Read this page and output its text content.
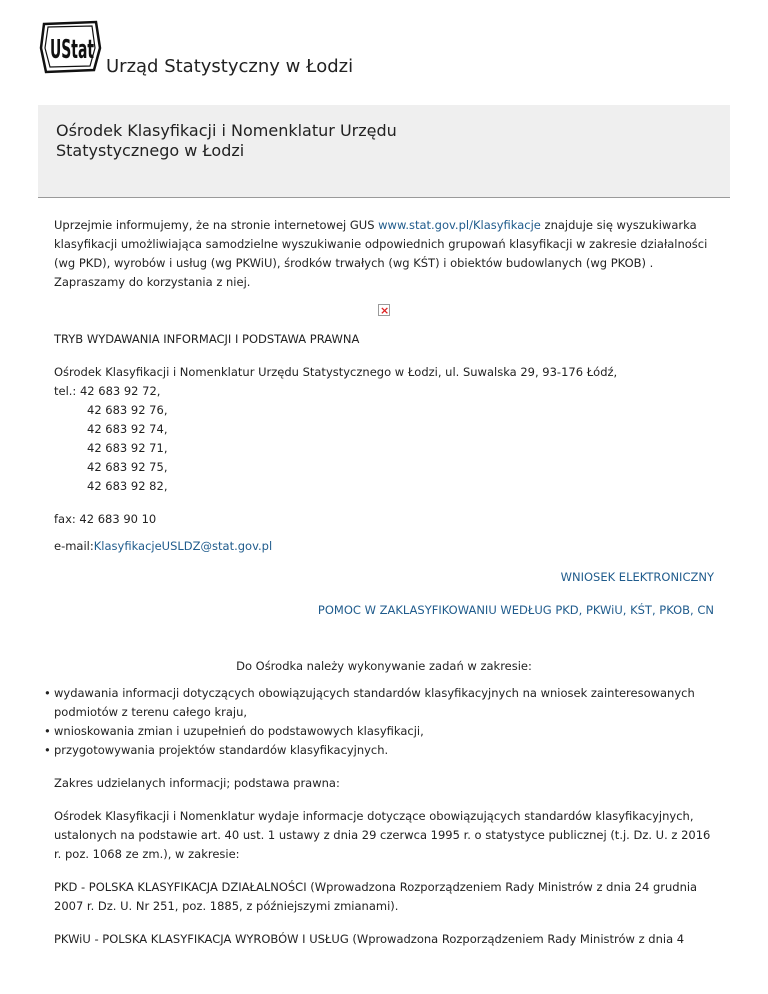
UStat
Urząd Statystyczny w Łodzi
Ośrodek Klasyfikacji i Nomenklatur Urzędu Statystycznego w Łodzi

Uprzejmie informujemy, że na stronie internetowej GUS www.stat.gov.pl/Klasyfikacje znajduje się wyszukiwarka klasyfikacji umożliwiająca samodzielne wyszukiwanie odpowiednich grupowań klasyfikacji w zakresie działalności (wg PKD), wyrobów i usług (wg PKWiU), środków trwałych (wg KŚT) i obiektów budowlanych (wg PKOB) . Zapraszamy do korzystania z niej.

×

TRYB WYDAWANIA INFORMACJI I PODSTAWA PRAWNA

Ośrodek Klasyfikacji i Nomenklatur Urzędu Statystycznego w Łodzi, ul. Suwalska 29, 93-176 Łódź,

tel.: 42 683 92 72,
42 683 92 76,
42 683 92 74,
42 683 92 71,
42 683 92 75,
42 683 92 82,

fax: 42 683 90 10

e-mail:KlasyfikacjeUSLDZ@stat.gov.pl

WNIOSEK ELEKTRONICZNY

POMOC W ZAKLASYFIKOWANIU WEDŁUG PKD, PKWiU, KŚT, PKOB, CN

Do Ośrodka należy wykonywanie zadań w zakresie:

• wydawania informacji dotyczących obowiązujących standardów klasyfikacyjnych na wniosek zainteresowanych podmiotów z terenu całego kraju,
• wnioskowania zmian i uzupełnień do podstawowych klasyfikacji,
• przygotowywania projektów standardów klasyfikacyjnych.

Zakres udzielanych informacji; podstawa prawna:

Ośrodek Klasyfikacji i Nomenklatur wydaje informacje dotyczące obowiązujących standardów klasyfikacyjnych, ustalonych na podstawie art. 40 ust. 1 ustawy z dnia 29 czerwca 1995 r. o statystyce publicznej (t.j. Dz. U. z 2016 r. poz. 1068 ze zm.), w zakresie:

PKD - POLSKA KLASYFIKACJA DZIAŁALNOŚCI (Wprowadzona Rozporządzeniem Rady Ministrów z dnia 24 grudnia 2007 r. Dz. U. Nr 251, poz. 1885, z późniejszymi zmianami).

PKWiU - POLSKA KLASYFIKACJA WYROBÓW I USŁUG (Wprowadzona Rozporządzeniem Rady Ministrów z dnia 4
